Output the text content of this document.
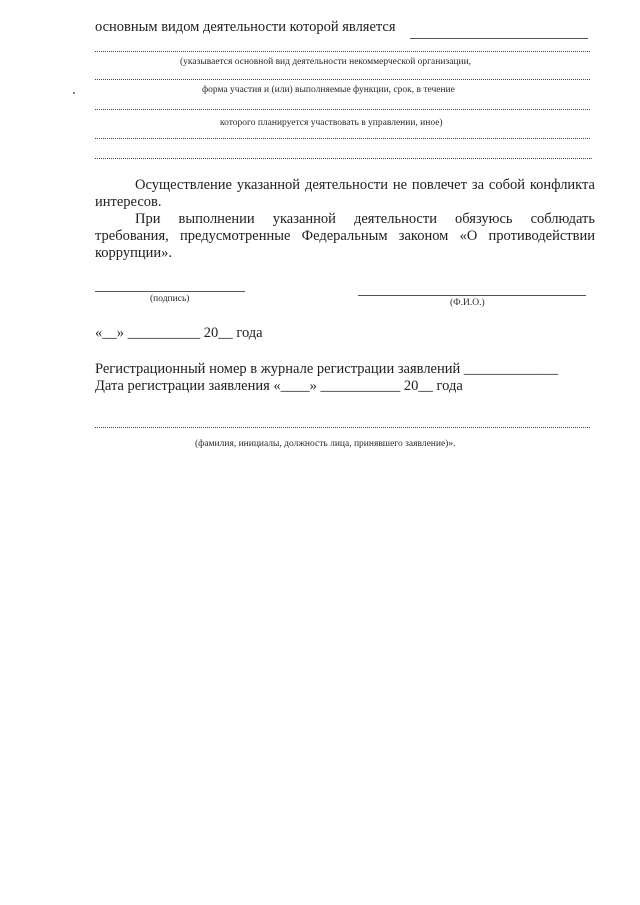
основным видом деятельности которой является
(указывается основной вид деятельности некоммерческой организации,
форма участия и (или) выполняемые функции, срок, в течение
которого планируется участвовать в управлении, иное)
.
Осуществление указанной деятельности не повлечет за собой конфликта интересов.
При выполнении указанной деятельности обязуюсь соблюдать требования, предусмотренные Федеральным законом «О противодействии коррупции».
(подпись)	(Ф.И.О.)
«__» __________ 20__ года
Регистрационный номер в журнале регистрации заявлений _____________
Дата регистрации заявления «____» ___________ 20__ года
(фамилия, инициалы, должность лица, принявшего заявление)».
